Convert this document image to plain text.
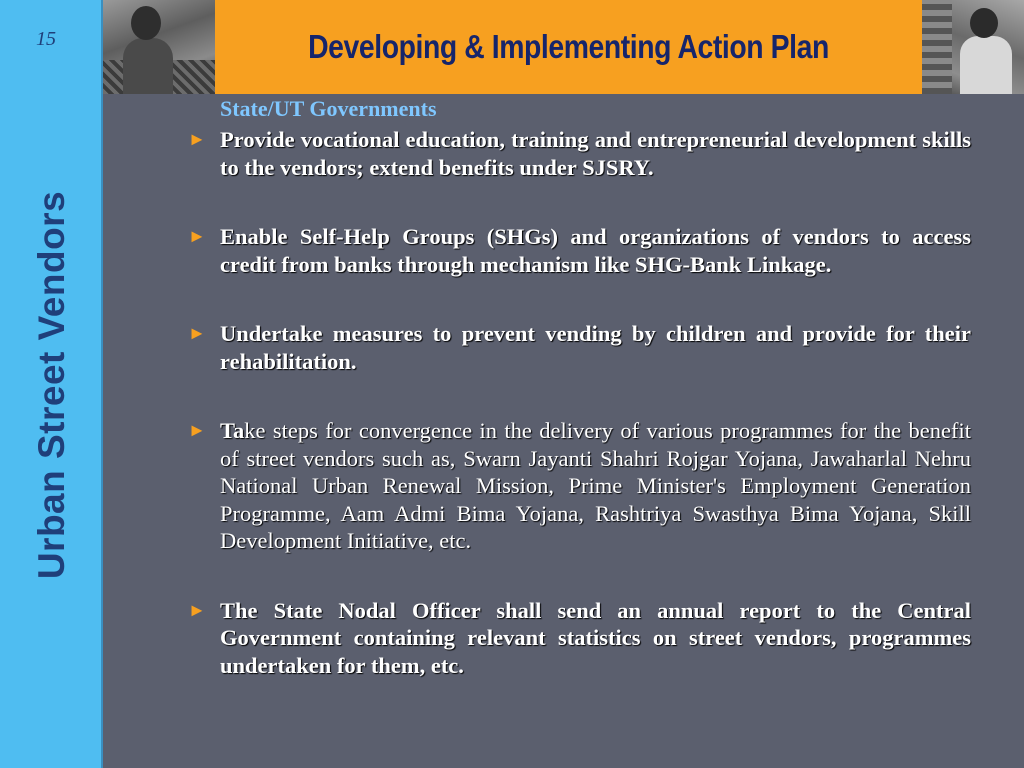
15
Urban Street Vendors
Developing & Implementing Action Plan
State/UT Governments
► Provide vocational education, training and entrepreneurial development skills to the vendors; extend benefits under SJSRY.
► Enable Self-Help Groups (SHGs) and organizations of vendors to access credit from banks through mechanism like SHG-Bank Linkage.
► Undertake measures to prevent vending by children and provide for their rehabilitation.
► Take steps for convergence in the delivery of various programmes for the benefit of street vendors such as, Swarn Jayanti Shahri Rojgar Yojana, Jawaharlal Nehru National Urban Renewal Mission, Prime Minister's Employment Generation Programme, Aam Admi Bima Yojana, Rashtriya Swasthya Bima Yojana, Skill Development Initiative, etc.
► The State Nodal Officer shall send an annual report to the Central Government containing relevant statistics on street vendors, programmes undertaken for them, etc.
